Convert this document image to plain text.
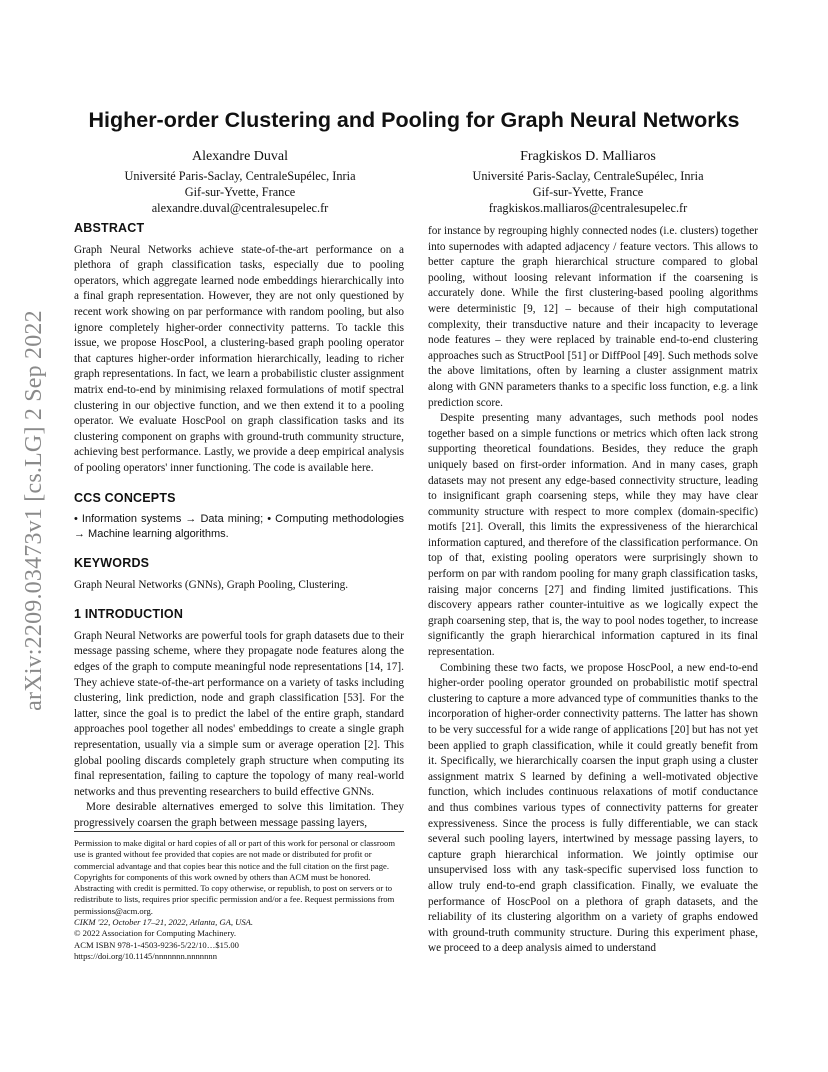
arXiv:2209.03473v1 [cs.LG] 2 Sep 2022
Higher-order Clustering and Pooling for Graph Neural Networks
Alexandre Duval
Université Paris-Saclay, CentraleSupélec, Inria
Gif-sur-Yvette, France
alexandre.duval@centralesupelec.fr
Fragkiskos D. Malliaros
Université Paris-Saclay, CentraleSupélec, Inria
Gif-sur-Yvette, France
fragkiskos.malliaros@centralesupelec.fr
ABSTRACT

Graph Neural Networks achieve state-of-the-art performance on a plethora of graph classification tasks, especially due to pooling operators, which aggregate learned node embeddings hierarchically into a final graph representation. However, they are not only questioned by recent work showing on par performance with random pooling, but also ignore completely higher-order connectivity patterns. To tackle this issue, we propose HoscPool, a clustering-based graph pooling operator that captures higher-order information hierarchically, leading to richer graph representations. In fact, we learn a probabilistic cluster assignment matrix end-to-end by minimising relaxed formulations of motif spectral clustering in our objective function, and we then extend it to a pooling operator. We evaluate HoscPool on graph classification tasks and its clustering component on graphs with ground-truth community structure, achieving best performance. Lastly, we provide a deep empirical analysis of pooling operators' inner functioning. The code is available here.

CCS CONCEPTS

• Information systems → Data mining; • Computing methodologies → Machine learning algorithms.

KEYWORDS

Graph Neural Networks (GNNs), Graph Pooling, Clustering.

1 INTRODUCTION

Graph Neural Networks are powerful tools for graph datasets due to their message passing scheme, where they propagate node features along the edges of the graph to compute meaningful node representations [14, 17]. They achieve state-of-the-art performance on a variety of tasks including clustering, link prediction, node and graph classification [53]. For the latter, since the goal is to predict the label of the entire graph, standard approaches pool together all nodes' embeddings to create a single graph representation, usually via a simple sum or average operation [2]. This global pooling discards completely graph structure when computing its final representation, failing to capture the topology of many real-world networks and thus preventing researchers to build effective GNNs.

More desirable alternatives emerged to solve this limitation. They progressively coarsen the graph between message passing layers,

Permission to make digital or hard copies of all or part of this work for personal or classroom use is granted without fee provided that copies are not made or distributed for profit or commercial advantage and that copies bear this notice and the full citation on the first page. Copyrights for components of this work owned by others than ACM must be honored. Abstracting with credit is permitted. To copy otherwise, or republish, to post on servers or to redistribute to lists, requires prior specific permission and/or a fee. Request permissions from permissions@acm.org.

CIKM '22, October 17–21, 2022, Atlanta, GA, USA.

© 2022 Association for Computing Machinery.

ACM ISBN 978-1-4503-9236-5/22/10…$15.00

https://doi.org/10.1145/nnnnnnn.nnnnnnn

for instance by regrouping highly connected nodes (i.e. clusters) together into supernodes with adapted adjacency / feature vectors. This allows to better capture the graph hierarchical structure compared to global pooling, without loosing relevant information if the coarsening is accurately done. While the first clustering-based pooling algorithms were deterministic [9, 12] – because of their high computational complexity, their transductive nature and their incapacity to leverage node features – they were replaced by trainable end-to-end clustering approaches such as StructPool [51] or DiffPool [49]. Such methods solve the above limitations, often by learning a cluster assignment matrix along with GNN parameters thanks to a specific loss function, e.g. a link prediction score.

Despite presenting many advantages, such methods pool nodes together based on a simple functions or metrics which often lack strong supporting theoretical foundations. Besides, they reduce the graph uniquely based on first-order information. And in many cases, graph datasets may not present any edge-based connectivity structure, leading to insignificant graph coarsening steps, while they may have clear community structure with respect to more complex (domain-specific) motifs [21]. Overall, this limits the expressiveness of the hierarchical information captured, and therefore of the classification performance. On top of that, existing pooling operators were surprisingly shown to perform on par with random pooling for many graph classification tasks, raising major concerns [27] and finding limited justifications. This discovery appears rather counter-intuitive as we logically expect the graph coarsening step, that is, the way to pool nodes together, to increase significantly the graph hierarchical information captured in its final representation.

Combining these two facts, we propose HoscPool, a new end-to-end higher-order pooling operator grounded on probabilistic motif spectral clustering to capture a more advanced type of communities thanks to the incorporation of higher-order connectivity patterns. The latter has shown to be very successful for a wide range of applications [20] but has not yet been applied to graph classification, while it could greatly benefit from it. Specifically, we hierarchically coarsen the input graph using a cluster assignment matrix S learned by defining a well-motivated objective function, which includes continuous relaxations of motif conductance and thus combines various types of connectivity patterns for greater expressiveness. Since the process is fully differentiable, we can stack several such pooling layers, intertwined by message passing layers, to capture graph hierarchical information. We jointly optimise our unsupervised loss with any task-specific supervised loss function to allow truly end-to-end graph classification. Finally, we evaluate the performance of HoscPool on a plethora of graph datasets, and the reliability of its clustering algorithm on a variety of graphs endowed with ground-truth community structure. During this experiment phase, we proceed to a deep analysis aimed to understand
